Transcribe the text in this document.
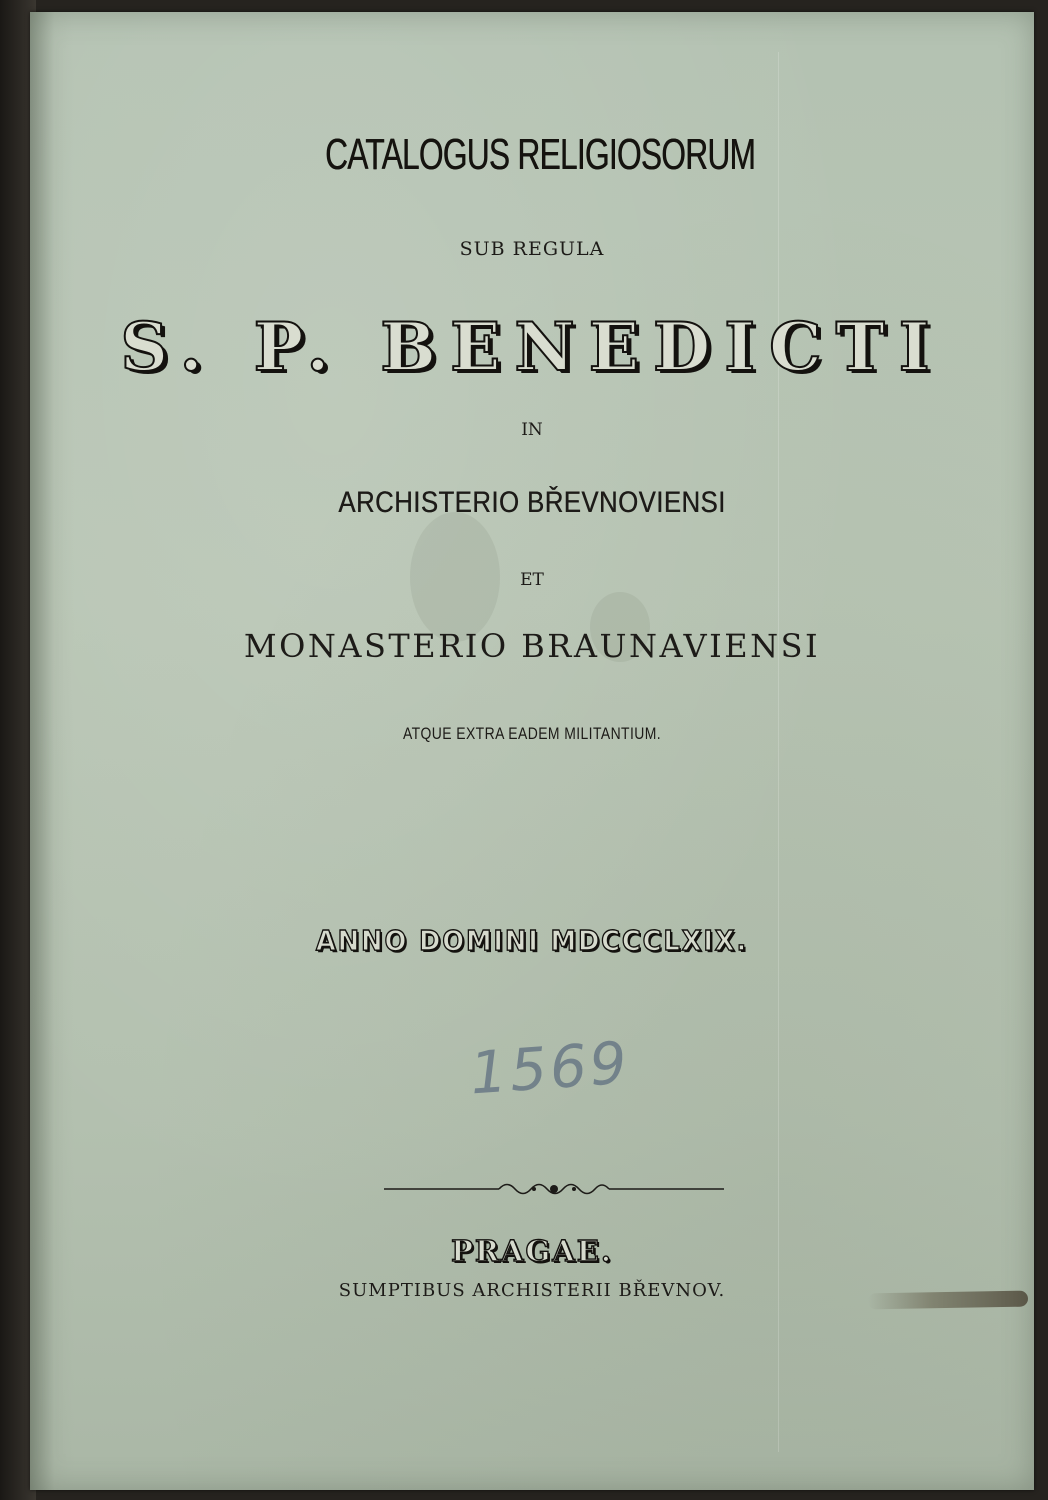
CATALOGUS RELIGIOSORUM
SUB REGULA
S. P. BENEDICTI
IN
ARCHISTERIO BŘEVNOVIENSI
ET
MONASTERIO BRAUNAVIENSI
ATQUE EXTRA EADEM MILITANTIUM.
ANNO DOMINI MDCCCLXIX.
1569
PRAGAE.
SUMPTIBUS ARCHISTERII BŘEVNOV.
